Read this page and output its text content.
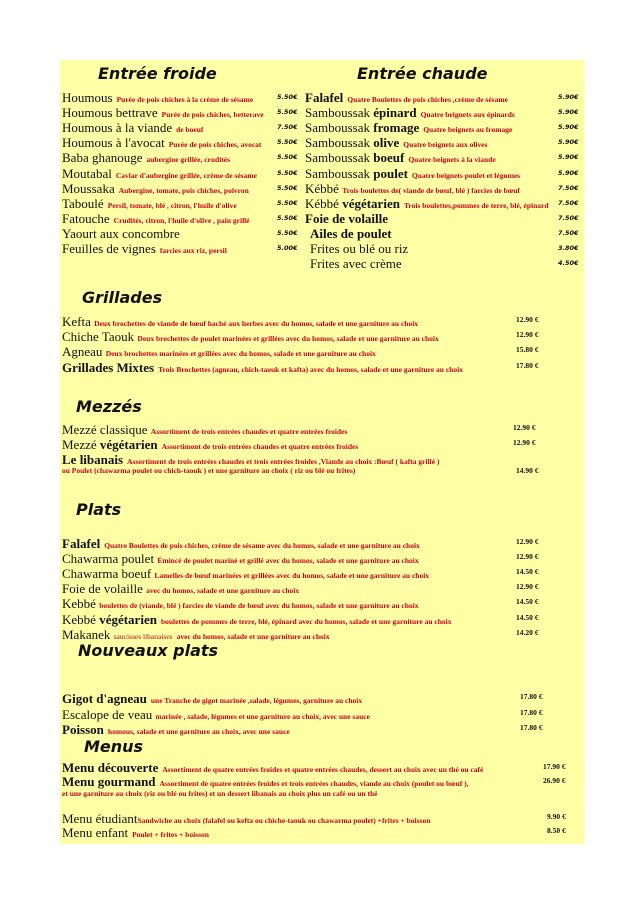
Entrée froide
Houmous Purée de pois chiches à la crème de sésame	5.50€
Houmous bettrave Purée de pois chiches, betterave 5.50€
Houmous à la viande de boeuf	7.50€
Houmous à l'avocat Purée de pois chiches, avocat 5.50€
Baba ghanouge aubergine grillée, crudités	5.50€
Moutabal Caviar d'aubergine grillée, crème de sésame	5.50€
Moussaka Aubergine, tomate, pois chiches, poivron	5.50€
Taboulé Persil, tomate, blé , citron, l'huile d'olive	5.50€
Fatouche Crudités, citron, l'huile d'olive , pain grillé	5.50€
Yaourt aux concombre	5.50€
Feuilles de vignes farcies aux riz, persil	5.00€
Entrée chaude
Falafel Quatre Boulettes de pois chiches ,crème de sésame	5.90€
Samboussak épinard Quatre beignets aux épinards	5.90€
Samboussak fromage Quatre beignets au fromage	5.90€
Samboussak olive Quatre beignets aux olives	5.90€
Samboussak boeuf Quatre beignets à la viande	5.90€
Samboussak poulet Quatre beignets poulet et légumes	5.90€
Kébbé Trois boulettes de( viande de bœuf, blé ) farcies de bœuf	7.50€
Kébbé végétarien Trois boulettes,pommes de terre, blé, épinard 7.50€
Foie de volaille	7.50€
Ailes de poulet	7.50€
Frites ou blé ou riz	3.80€
Frites avec crème	4.50€
Grillades
Kefta Deux brochettes de viande de bœuf haché aux herbes avec du homos, salade et une garniture au choix	12.90 €
Chiche Taouk Deux brochettes de poulet marinées et grillées avec du homos, salade et une garniture au choix	12.90 €
Agneau Deux brochettes marinées et grillées avec du homos, salade et une garniture au choix	15.80 €
Grillades Mixtes Trois Brochettes (agneau, chich-taouk et kafta) avec du homos, salade et une garniture au choix	17.80 €
Mezzés
Mezzé classique Assortiment de trois entrées chaudes et quatre entrées froides	12.90 €
Mezzé végétarien Assortiment de trois entrées chaudes et quatre entrées froides	12.90 €
Le libanais Assortiment de trois entrées chaudes et trois entrées froides ,Viande au choix :Bœuf ( kafta grillé )
ou Poulet (chawarma poulet ou chich-taouk ) et une garniture au choix ( riz ou blé ou frites)	14.90 €
Plats
Falafel Quatre Boulettes de pois chiches, crème de sésame avec du homos, salade et une garniture au choix	12.90 €
Chawarma poulet Émincé de poulet mariné et grillé avec du homos, salade et une garniture au choix	12.90 €
Chawarma boeuf Lamelles de bœuf marinées et grillées avec du homos, salade et une garniture au choix	14.50 €
Foie de volaille avec du homos, salade et une garniture au choix	12.90 €
Kebbé boulettes de (viande, blé ) farcies de viande de bœuf avec du homos, salade et une garniture au choix	14.50 €
Kebbé végétarien boulettes de pommes de terre, blé, épinard avec du homos, salade et une garniture au choix	14.50 €
Makanek saucisses libanaises avec du homos, salade et une garniture au choix	14.20 €
Nouveaux plats
Gigot d'agneau une Tranche de gigot marinée ,salade, légumes, garniture au choix	17.80 €
Escalope de veau marinée , salade, légumes et une garniture au choix, avec une sauce	17.80 €
Poisson homous, salade et une garniture au choix, avec une sauce	17.80 €
Menus
Menu découverte Assortiment de quatre entrées froides et quatre entrées chaudes, dessert au choix avec un thé ou café	17.90 €
Menu gourmand Assortiment de quatre entrées froides et trois entrées chaudes, viande au choix (poulet ou bœuf ),	26.90 €
et une garniture au choix (riz ou blé ou frites) et un dessert libanais au choix plus un café ou un thé
Menu étudiantSandwiche au choix (falafel ou kefta ou chiche-taouk ou chawarma poulet) +frites + boisson	9.90 €
Menu enfant Poulet + frites + boisson	8.50 €
